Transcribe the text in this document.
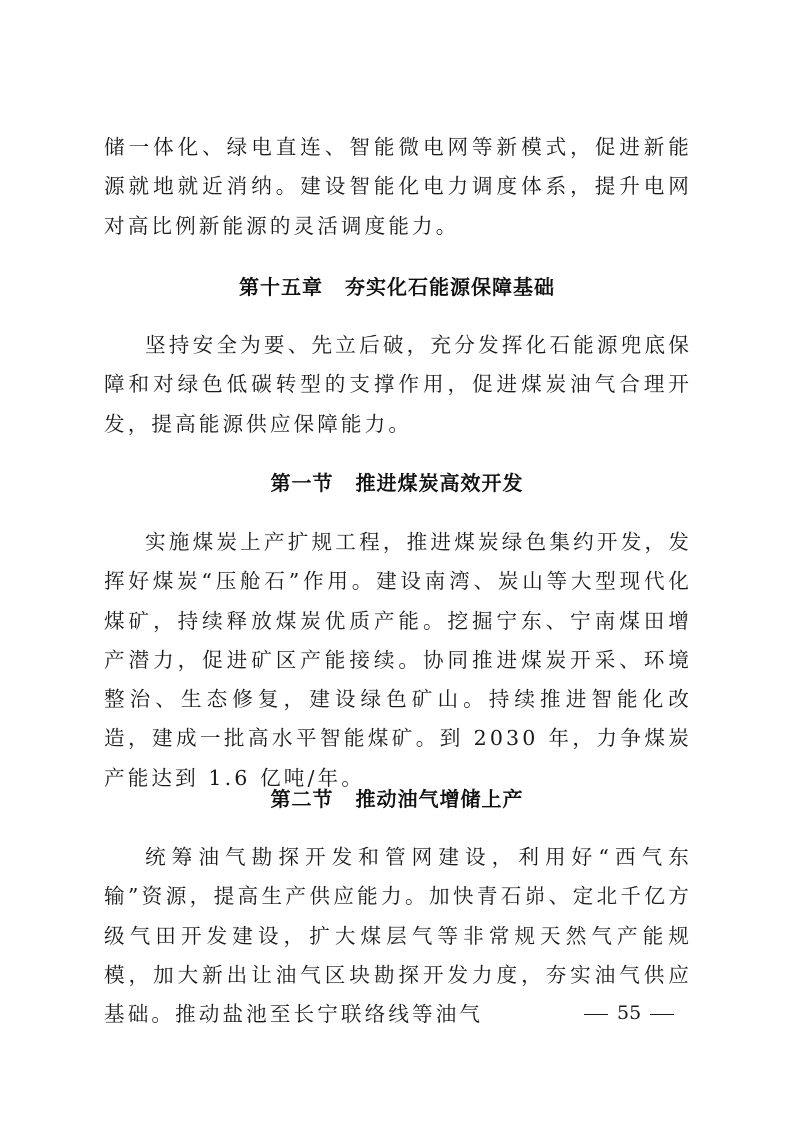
储一体化、绿电直连、智能微电网等新模式，促进新能源就地就近消纳。建设智能化电力调度体系，提升电网对高比例新能源的灵活调度能力。

第十五章 夯实化石能源保障基础

坚持安全为要、先立后破，充分发挥化石能源兜底保障和对绿色低碳转型的支撑作用，促进煤炭油气合理开发，提高能源供应保障能力。

第一节 推进煤炭高效开发

实施煤炭上产扩规工程，推进煤炭绿色集约开发，发挥好煤炭“压舱石”作用。建设南湾、炭山等大型现代化煤矿，持续释放煤炭优质产能。挖掘宁东、宁南煤田增产潜力，促进矿区产能接续。协同推进煤炭开采、环境整治、生态修复，建设绿色矿山。持续推进智能化改造，建成一批高水平智能煤矿。到 2030 年，力争煤炭产能达到 1.6 亿吨/年。

第二节 推动油气增储上产

统筹油气勘探开发和管网建设，利用好“西气东输”资源，提高生产供应能力。加快青石峁、定北千亿方级气田开发建设，扩大煤层气等非常规天然气产能规模，加大新出让油气区块勘探开发力度，夯实油气供应基础。推动盐池至长宁联络线等油气	55
